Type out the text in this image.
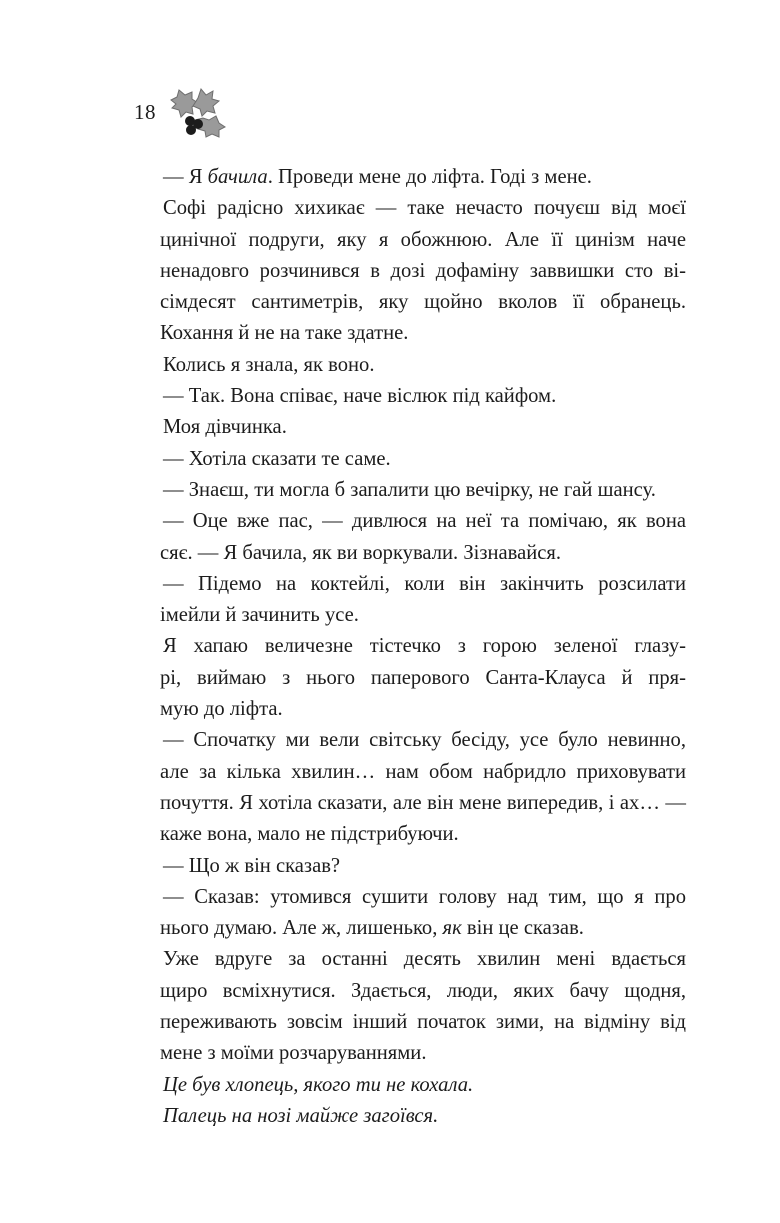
18
— Я бачила. Проведи мене до ліфта. Годі з мене.
Софі радісно хихикає — таке нечасто почуєш від моєї
цинічної подруги, яку я обожнюю. Але її цинізм наче
ненадовго розчинився в дозі дофаміну заввишки сто ві-
сімдесят сантиметрів, яку щойно вколов її обранець.
Кохання й не на таке здатне.
Колись я знала, як воно.
— Так. Вона співає, наче віслюк під кайфом.
Моя дівчинка.
— Хотіла сказати те саме.
— Знаєш, ти могла б запалити цю вечірку, не гай шансу.
— Оце вже пас, — дивлюся на неї та помічаю, як вона
сяє. — Я бачила, як ви воркували. Зізнавайся.
— Підемо на коктейлі, коли він закінчить розсилати
імейли й зачинить усе.
Я хапаю величезне тістечко з горою зеленої глазу-
рі, виймаю з нього паперового Санта-Клауса й пря-
мую до ліфта.
— Спочатку ми вели світську бесіду, усе було невинно,
але за кілька хвилин… нам обом набридло приховувати
почуття. Я хотіла сказати, але він мене випередив, і ах… —
каже вона, мало не підстрибуючи.
— Що ж він сказав?
— Сказав: утомився сушити голову над тим, що я про
нього думаю. Але ж, лишенько, як він це сказав.
Уже вдруге за останні десять хвилин мені вдається
щиро всміхнутися. Здається, люди, яких бачу щодня,
переживають зовсім інший початок зими, на відміну від
мене з моїми розчаруваннями.
Це був хлопець, якого ти не кохала.
Палець на нозі майже загоївся.
